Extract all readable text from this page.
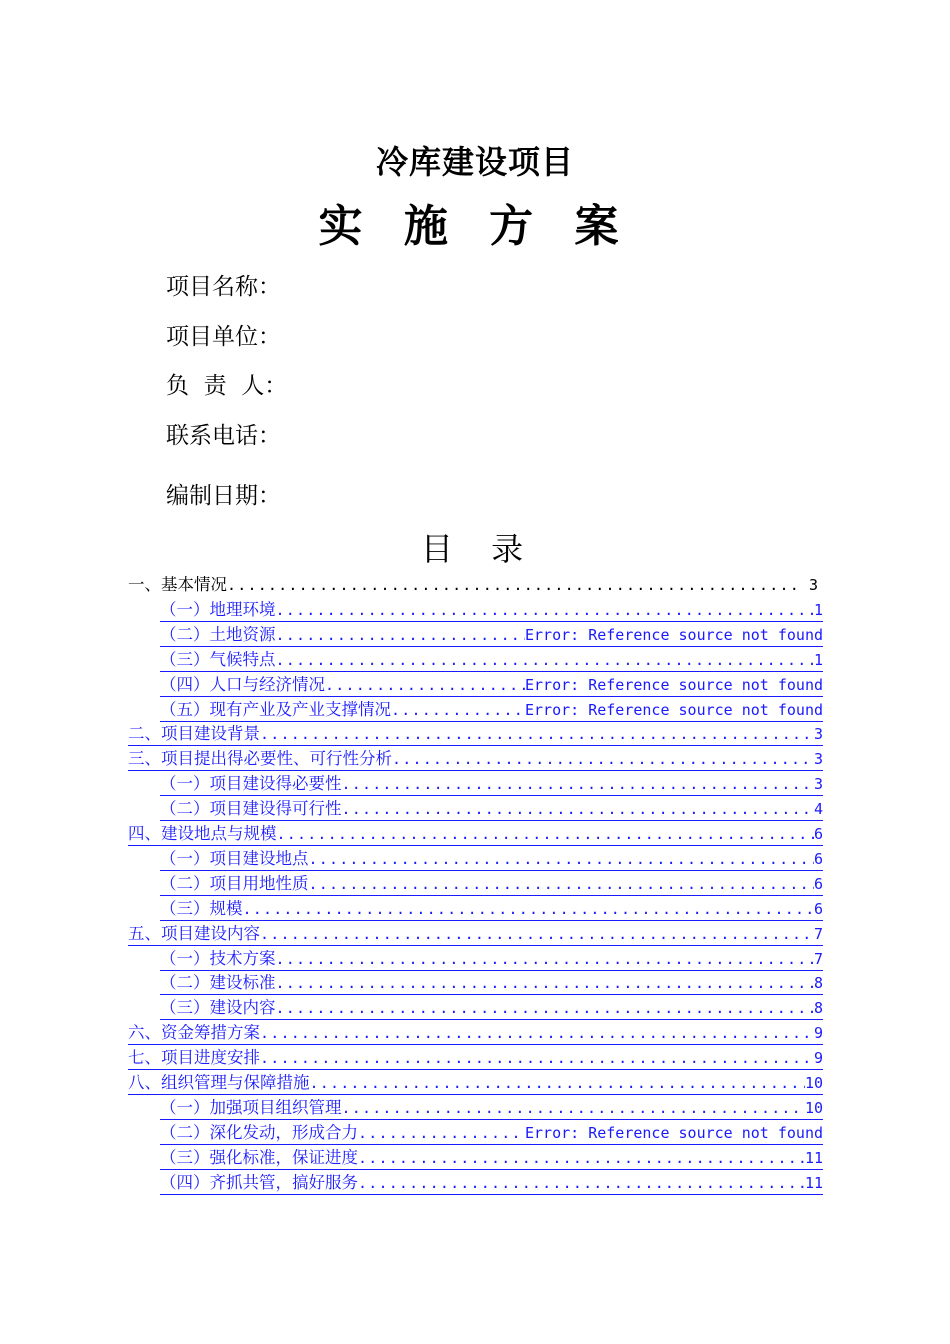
冷库建设项目
实 施 方 案
项目名称：
项目单位：
负  责  人：
联系电话：
编制日期：
目  录
一、基本情况 .....	3
（一）地理环境 .....	1
（二）土地资源 .....	Error: Reference source not found
（三）气候特点 .....	1
（四）人口与经济情况 .....	Error: Reference source not found
（五）现有产业及产业支撑情况 .....	Error: Reference source not found
二、项目建设背景 .....	3
三、项目提出得必要性、可行性分析 .....	3
（一）项目建设得必要性 .....	3
（二）项目建设得可行性 .....	4
四、建设地点与规模 .....	6
（一）项目建设地点 .....	6
（二）项目用地性质 .....	6
（三）规模 .....	6
五、项目建设内容 .....	7
（一）技术方案 .....	7
（二）建设标准 .....	8
（三）建设内容 .....	8
六、资金筹措方案 .....	9
七、项目进度安排 .....	9
八、组织管理与保障措施 .....	10
（一）加强项目组织管理 .....	10
（二）深化发动，形成合力 .....	Error: Reference source not found
（三）强化标准，保证进度 .....	11
（四）齐抓共管，搞好服务 .....	11
